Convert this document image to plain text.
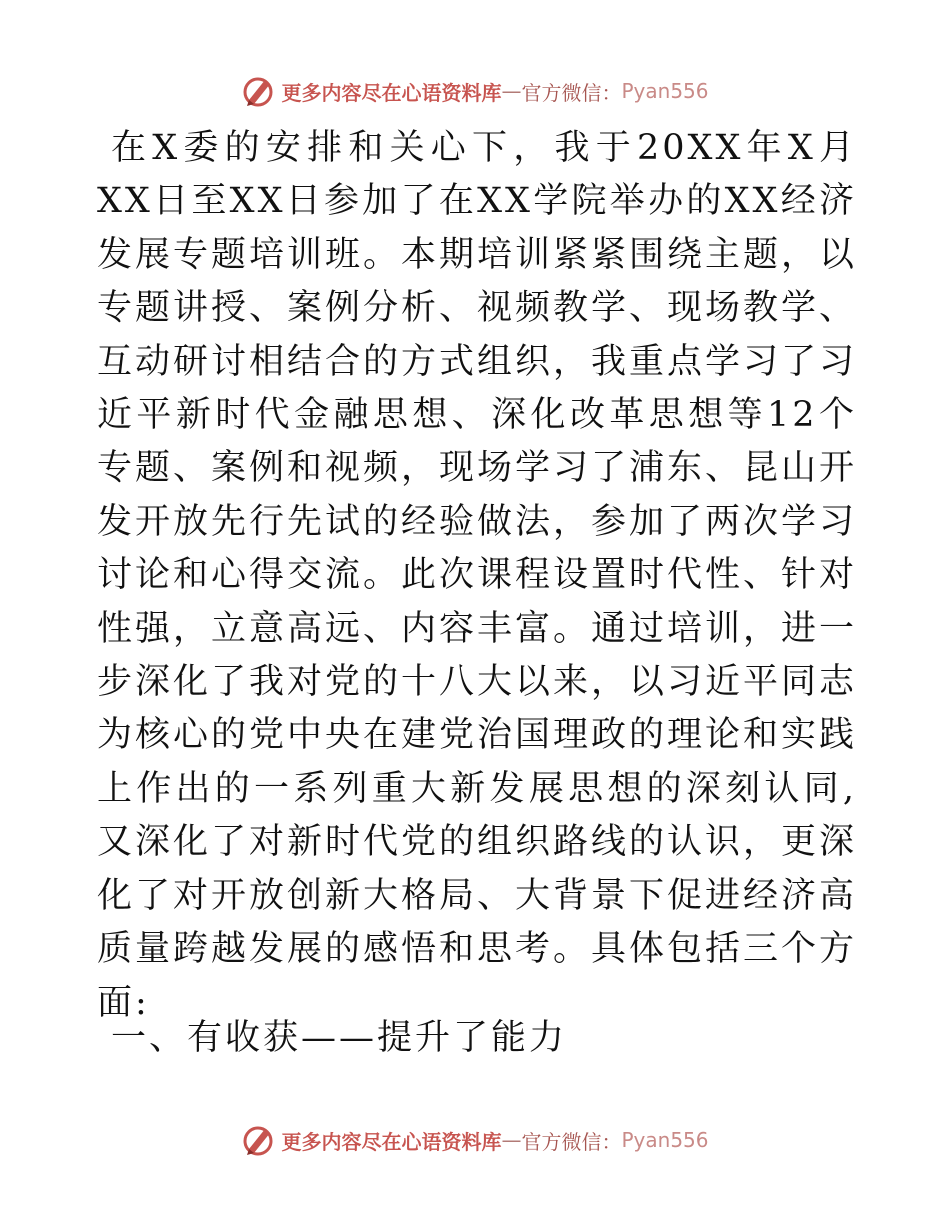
更多内容尽在心语资料库 — 官方微信： Pyan556

在X委的安排和关心下，我于20XX年X月XX日至XX日参加了在XX学院举办的XX经济发展专题培训班。本期培训紧紧围绕主题，以专题讲授、案例分析、视频教学、现场教学、互动研讨相结合的方式组织，我重点学习了习近平新时代金融思想、深化改革思想等12个专题、案例和视频，现场学习了浦东、昆山开发开放先行先试的经验做法，参加了两次学习讨论和心得交流。此次课程设置时代性、针对性强，立意高远、内容丰富。通过培训，进一步深化了我对党的十八大以来，以习近平同志为核心的党中央在建党治国理政的理论和实践上作出的一系列重大新发展思想的深刻认同,又深化了对新时代党的组织路线的认识，更深化了对开放创新大格局、大背景下促进经济高质量跨越发展的感悟和思考。具体包括三个方面:

一、有收获——提升了能力

更多内容尽在心语资料库 — 官方微信： Pyan556
